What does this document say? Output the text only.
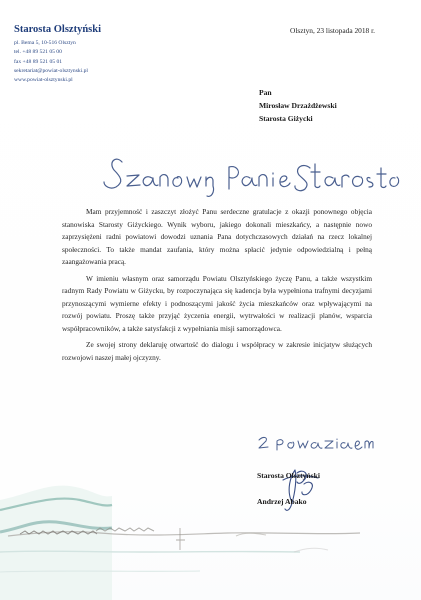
Starosta Olsztyński
pl. Bema 5, 10-516 Olsztyn
tel. +48 89 521 05 00
fax +48 89 521 05 01
sekretariat@powiat-olsztynski.pl
www.powiat-olsztynski.pl
Olsztyn, 23 listopada 2018 r.
Pan
Mirosław Drzażdżewski
Starosta Giżycki

Mam przyjemność i zaszczyt złożyć Panu serdeczne gratulacje z okazji ponownego objęcia stanowiska Starosty Giżyckiego. Wynik wyboru, jakiego dokonali mieszkańcy, a następnie nowo zaprzysiężeni radni powiatowi dowodzi uznania Pana dotychczasowych działań na rzecz lokalnej społeczności. To także mandat zaufania, który można spłacić jedynie odpowiedzialną i pełną zaangażowania pracą.

W imieniu własnym oraz samorządu Powiatu Olsztyńskiego życzę Panu, a także wszystkim radnym Rady Powiatu w Giżycku, by rozpoczynająca się kadencja była wypełniona trafnymi decyzjami przynoszącymi wymierne efekty i podnoszącymi jakość życia mieszkańców oraz wpływającymi na rozwój powiatu. Proszę także przyjąć życzenia energii, wytrwałości w realizacji planów, wsparcia współpracowników, a także satysfakcji z wypełniania misji samorządowca.

Ze swojej strony deklaruję otwartość do dialogu i współpracy w zakresie inicjatyw służących rozwojowi naszej małej ojczyzny.

Starosta Olsztyński
Andrzej Abako
